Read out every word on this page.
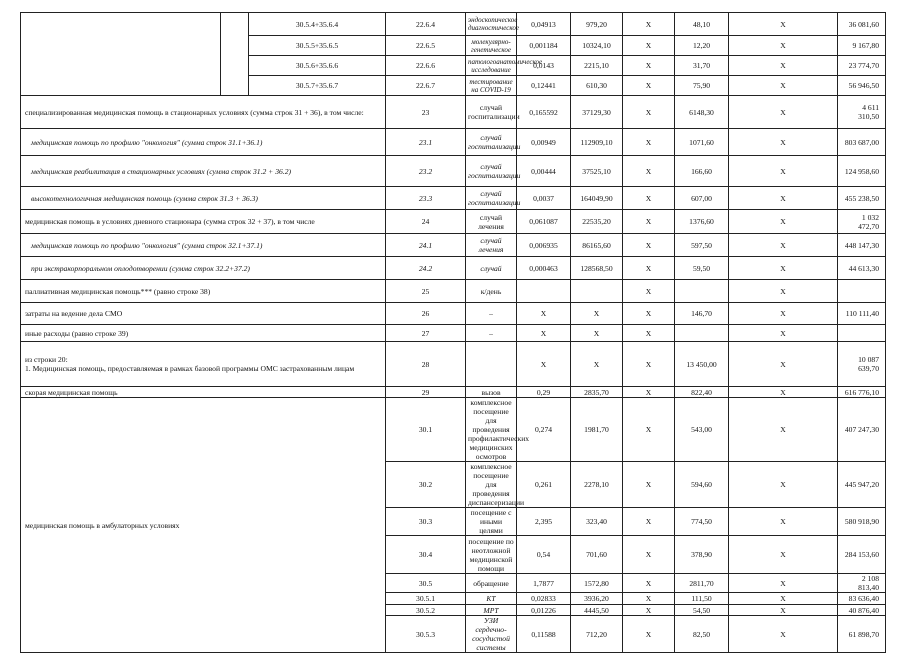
		30.5.4+35.6.4	22.6.4	эндоскопическое диагностическое	0,04913	979,20	X	48,10	X	36 081,60	
		30.5.5+35.6.5	22.6.5	молекулярно-генетическое	0,001184	10324,10	X	12,20	X	9 167,80	
		30.5.6+35.6.6	22.6.6	патологоанатомическое исследование	0,0143	2215,10	X	31,70	X	23 774,70	
		30.5.7+35.6.7	22.6.7	тестирование на COVID-19	0,12441	610,30	X	75,90	X	56 946,50	
специализированная медицинская помощь в стационарных условиях (сумма строк 31 + 36), в том числе:			23	случай госпитализации	0,165592	37129,30	X	6148,30	X	4 611 310,50	
медицинская помощь по профилю "онкология" (сумма строк 31.1+36.1)			23.1	случай госпитализации	0,00949	112909,10	X	1071,60	X	803 687,00	
медицинская реабилитация в стационарных условиях (сумма строк 31.2 + 36.2)			23.2	случай госпитализации	0,00444	37525,10	X	166,60	X	124 958,60	
высокотехнологичная медицинская помощь (сумма строк 31.3 + 36.3)			23.3	случай госпитализации	0,0037	164049,90	X	607,00	X	455 238,50	
медицинская помощь в условиях дневного стационара (сумма строк 32 + 37), в том числе			24	случай лечения	0,061087	22535,20	X	1376,60	X	1 032 472,70	
медицинская помощь по профилю "онкология" (сумма строк 32.1+37.1)			24.1	случай лечения	0,006935	86165,60	X	597,50	X	448 147,30	
при экстракорпоральном оплодотворении (сумма строк 32.2+37.2)			24.2	случай	0,000463	128568,50	X	59,50	X	44 613,30	
паллиативная медицинская помощь*** (равно строке 38)			25	к/день			X		X		
затраты на ведение дела СМО			26	–	X	X	X	146,70	X	110 111,40	
иные расходы (равно строке 39)			27	–	X	X	X		X		
из строки 20:
1. Медицинская помощь, предоставляемая в рамках базовой программы ОМС застрахованным лицам			28		X	X	X	13 450,00	X	10 087 639,70	
скорая медицинская помощь			29	вызов	0,29	2835,70	X	822,40	X	616 776,10	
медицинская помощь в амбулаторных условиях			30.1	комплексное посещение для проведения профилактических медицинских осмотров	0,274	1981,70	X	543,00	X	407 247,30	
			30.2	комплексное посещение для проведения диспансеризации	0,261	2278,10	X	594,60	X	445 947,20	
			30.3	посещение с иными целями	2,395	323,40	X	774,50	X	580 918,90	
			30.4	посещение по неотложной медицинской помощи	0,54	701,60	X	378,90	X	284 153,60	
			30.5	обращение	1,7877	1572,80	X	2811,70	X	2 108 813,40	
			30.5.1	КТ	0,02833	3936,20	X	111,50	X	83 636,40	
			30.5.2	МРТ	0,01226	4445,50	X	54,50	X	40 876,40	
			30.5.3	УЗИ сердечно-сосудистой системы	0,11588	712,20	X	82,50	X	61 898,70	
